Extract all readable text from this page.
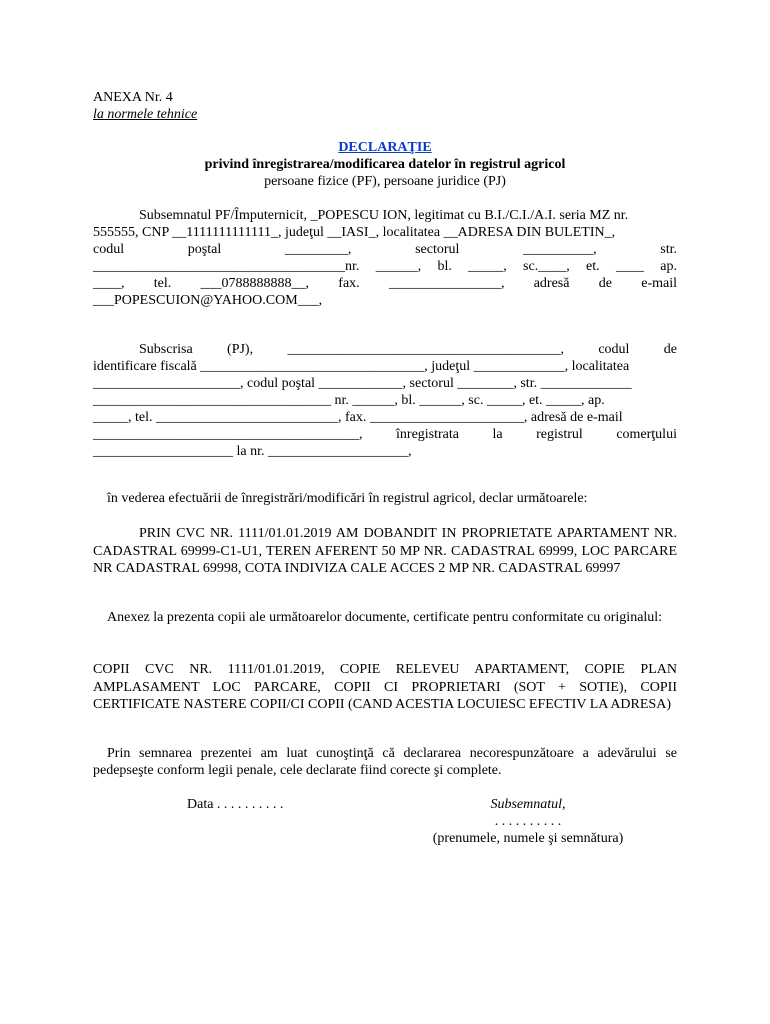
ANEXA Nr. 4
la normele tehnice
DECLARAŢIE
privind înregistrarea/modificarea datelor în registrul agricol
persoane fizice (PF), persoane juridice (PJ)
Subsemnatul PF/Împuternicit, _POPESCU ION, legitimat cu B.I./C.I./A.I. seria MZ nr.
555555, CNP __1111111111111_, judeţul __IASI_, localitatea __ADRESA DIN BULETIN_,
codul	poştal	_________,	sectorul	__________,	str.
____________________________________nr. ______, bl. _____, sc.____, et. ____ ap.
____, tel. ___0788888888__, fax. ________________, adresă de e-mail
___POPESCUION@YAHOO.COM___,
Subscrisa (PJ), _______________________________________, codul de
identificare fiscală ________________________________, judeţul _____________, localitatea
_____________________, codul poştal ____________, sectorul ________, str. _____________
__________________________________ nr. ______, bl. ______, sc. _____, et. _____, ap.
_____, tel. __________________________, fax. ______________________, adresă de e-mail
______________________________________, înregistrata la registrul comerţului
____________________ la nr. ____________________,
în vederea efectuării de înregistrări/modificări în registrul agricol, declar următoarele:
PRIN CVC NR. 1111/01.01.2019 AM DOBANDIT IN PROPRIETATE APARTAMENT NR. CADASTRAL 69999-C1-U1, TEREN AFERENT 50 MP NR. CADASTRAL 69999, LOC PARCARE NR CADASTRAL 69998, COTA INDIVIZA CALE ACCES 2 MP NR. CADASTRAL 69997
Anexez la prezenta copii ale următoarelor documente, certificate pentru conformitate cu originalul:
COPII CVC NR. 1111/01.01.2019, COPIE RELEVEU APARTAMENT, COPIE PLAN AMPLASAMENT LOC PARCARE, COPII CI PROPRIETARI (SOT + SOTIE), COPII CERTIFICATE NASTERE COPII/CI COPII (CAND ACESTIA LOCUIESC EFECTIV LA ADRESA)
Prin semnarea prezentei am luat cunoştinţă că declararea necorespunzătoare a adevărului se pedepseşte conform legii penale, cele declarate fiind corecte şi complete.
Data . . . . . . . . . .	Subsemnatul,
. . . . . . . . . .
(prenumele, numele şi semnătura)
